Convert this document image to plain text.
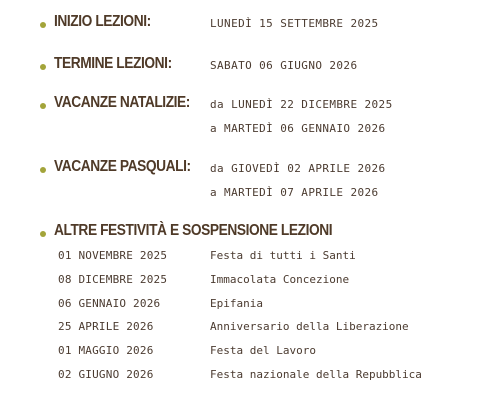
INIZIO LEZIONI:	LUNEDÌ 15 SETTEMBRE 2025
TERMINE LEZIONI:	SABATO 06 GIUGNO 2026
VACANZE NATALIZIE: da LUNEDÌ 22 DICEMBRE 2025
a MARTEDÌ 06 GENNAIO 2026
VACANZE PASQUALI: da GIOVEDÌ 02 APRILE 2026
a MARTEDÌ 07 APRILE 2026
ALTRE FESTIVITÀ E SOSPENSIONE LEZIONI
01 NOVEMBRE 2025	Festa di tutti i Santi
08 DICEMBRE 2025	Immacolata Concezione
06 GENNAIO 2026	Epifania
25 APRILE 2026	Anniversario della Liberazione
01 MAGGIO 2026	Festa del Lavoro
02 GIUGNO 2026	Festa nazionale della Repubblica
